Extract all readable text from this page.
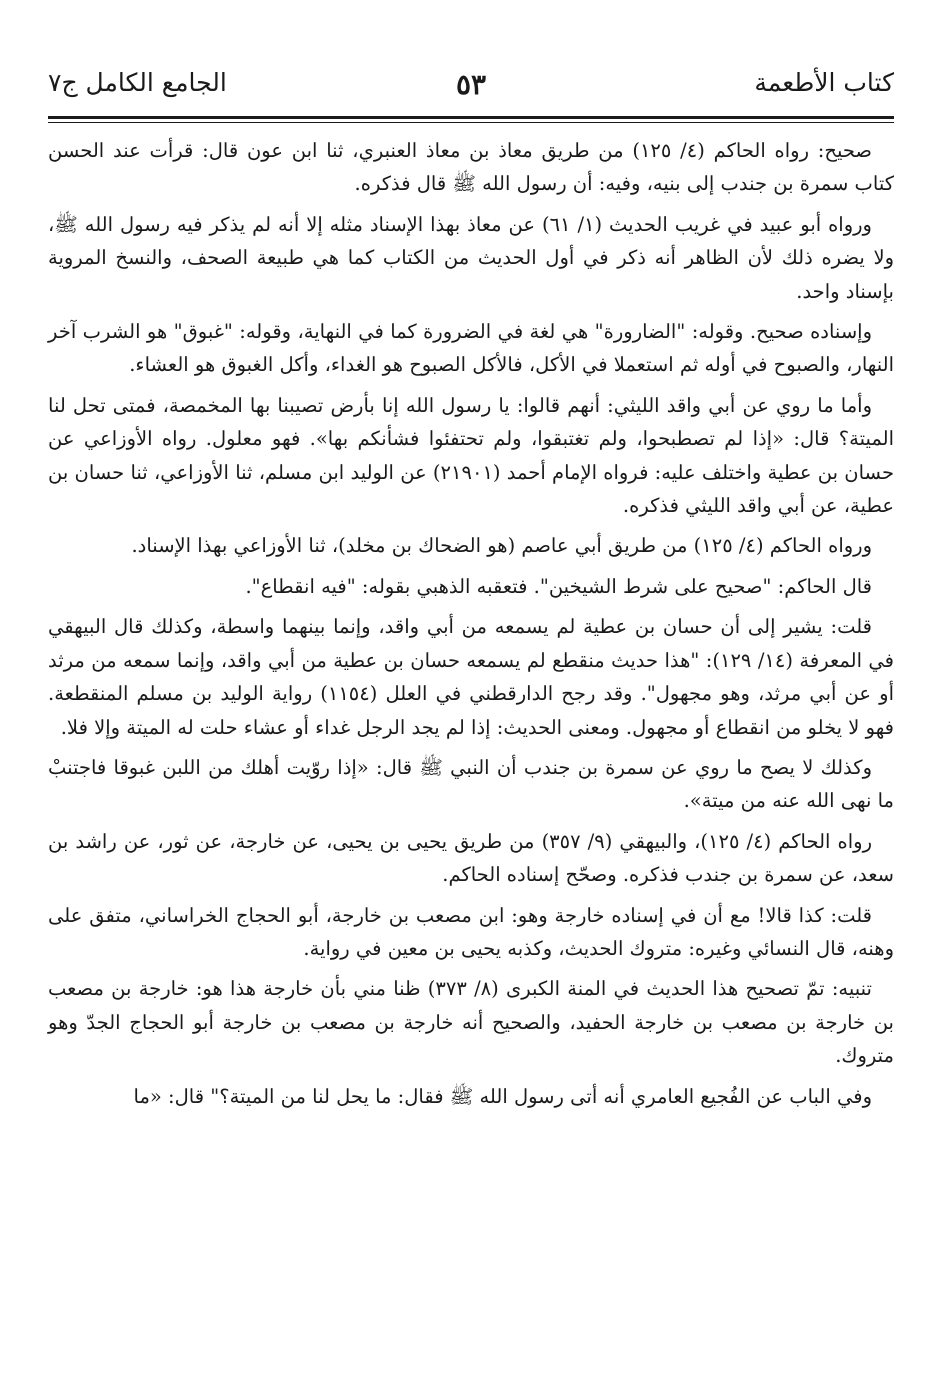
كتاب الأطعمة
٥٣
الجامع الكامل ج٧

صحيح: رواه الحاكم (٤/ ١٢٥) من طريق معاذ بن معاذ العنبري، ثنا ابن عون قال: قرأت عند الحسن كتاب سمرة بن جندب إلى بنيه، وفيه: أن رسول الله ﷺ قال فذكره.

ورواه أبو عبيد في غريب الحديث (١/ ٦١) عن معاذ بهذا الإسناد مثله إلا أنه لم يذكر فيه رسول الله ﷺ، ولا يضره ذلك لأن الظاهر أنه ذكر في أول الحديث من الكتاب كما هي طبيعة الصحف، والنسخ المروية بإسناد واحد.

وإسناده صحيح. وقوله: "الضارورة" هي لغة في الضرورة كما في النهاية، وقوله: "غبوق" هو الشرب آخر النهار، والصبوح في أوله ثم استعملا في الأكل، فالأكل الصبوح هو الغداء، وأكل الغبوق هو العشاء.

وأما ما روي عن أبي واقد الليثي: أنهم قالوا: يا رسول الله إنا بأرض تصيبنا بها المخمصة، فمتى تحل لنا الميتة؟ قال: «إذا لم تصطبحوا، ولم تغتبقوا، ولم تحتفئوا فشأنكم بها». فهو معلول. رواه الأوزاعي عن حسان بن عطية واختلف عليه: فرواه الإمام أحمد (٢١٩٠١) عن الوليد ابن مسلم، ثنا الأوزاعي، ثنا حسان بن عطية، عن أبي واقد الليثي فذكره.

ورواه الحاكم (٤/ ١٢٥) من طريق أبي عاصم (هو الضحاك بن مخلد)، ثنا الأوزاعي بهذا الإسناد.

قال الحاكم: "صحيح على شرط الشيخين". فتعقبه الذهبي بقوله: "فيه انقطاع".

قلت: يشير إلى أن حسان بن عطية لم يسمعه من أبي واقد، وإنما بينهما واسطة، وكذلك قال البيهقي في المعرفة (١٤/ ١٢٩): "هذا حديث منقطع لم يسمعه حسان بن عطية من أبي واقد، وإنما سمعه من مرثد أو عن أبي مرثد، وهو مجهول". وقد رجح الدارقطني في العلل (١١٥٤) رواية الوليد بن مسلم المنقطعة. فهو لا يخلو من انقطاع أو مجهول. ومعنى الحديث: إذا لم يجد الرجل غداء أو عشاء حلت له الميتة وإلا فلا.

وكذلك لا يصح ما روي عن سمرة بن جندب أن النبي ﷺ قال: «إذا روّيت أهلك من اللبن غبوقا فاجتنبْ ما نهى الله عنه من ميتة».

رواه الحاكم (٤/ ١٢٥)، والبيهقي (٩/ ٣٥٧) من طريق يحيى بن يحيى، عن خارجة، عن ثور، عن راشد بن سعد، عن سمرة بن جندب فذكره. وصحّح إسناده الحاكم.

قلت: كذا قالا! مع أن في إسناده خارجة وهو: ابن مصعب بن خارجة، أبو الحجاج الخراساني، متفق على وهنه، قال النسائي وغيره: متروك الحديث، وكذبه يحيى بن معين في رواية.

تنبيه: تمّ تصحيح هذا الحديث في المنة الكبرى (٨/ ٣٧٣) ظنا مني بأن خارجة هذا هو: خارجة بن مصعب بن خارجة بن مصعب بن خارجة الحفيد، والصحيح أنه خارجة بن مصعب بن خارجة أبو الحجاج الجدّ وهو متروك.

وفي الباب عن الفُجيع العامري أنه أتى رسول الله ﷺ فقال: ما يحل لنا من الميتة؟" قال: «ما
